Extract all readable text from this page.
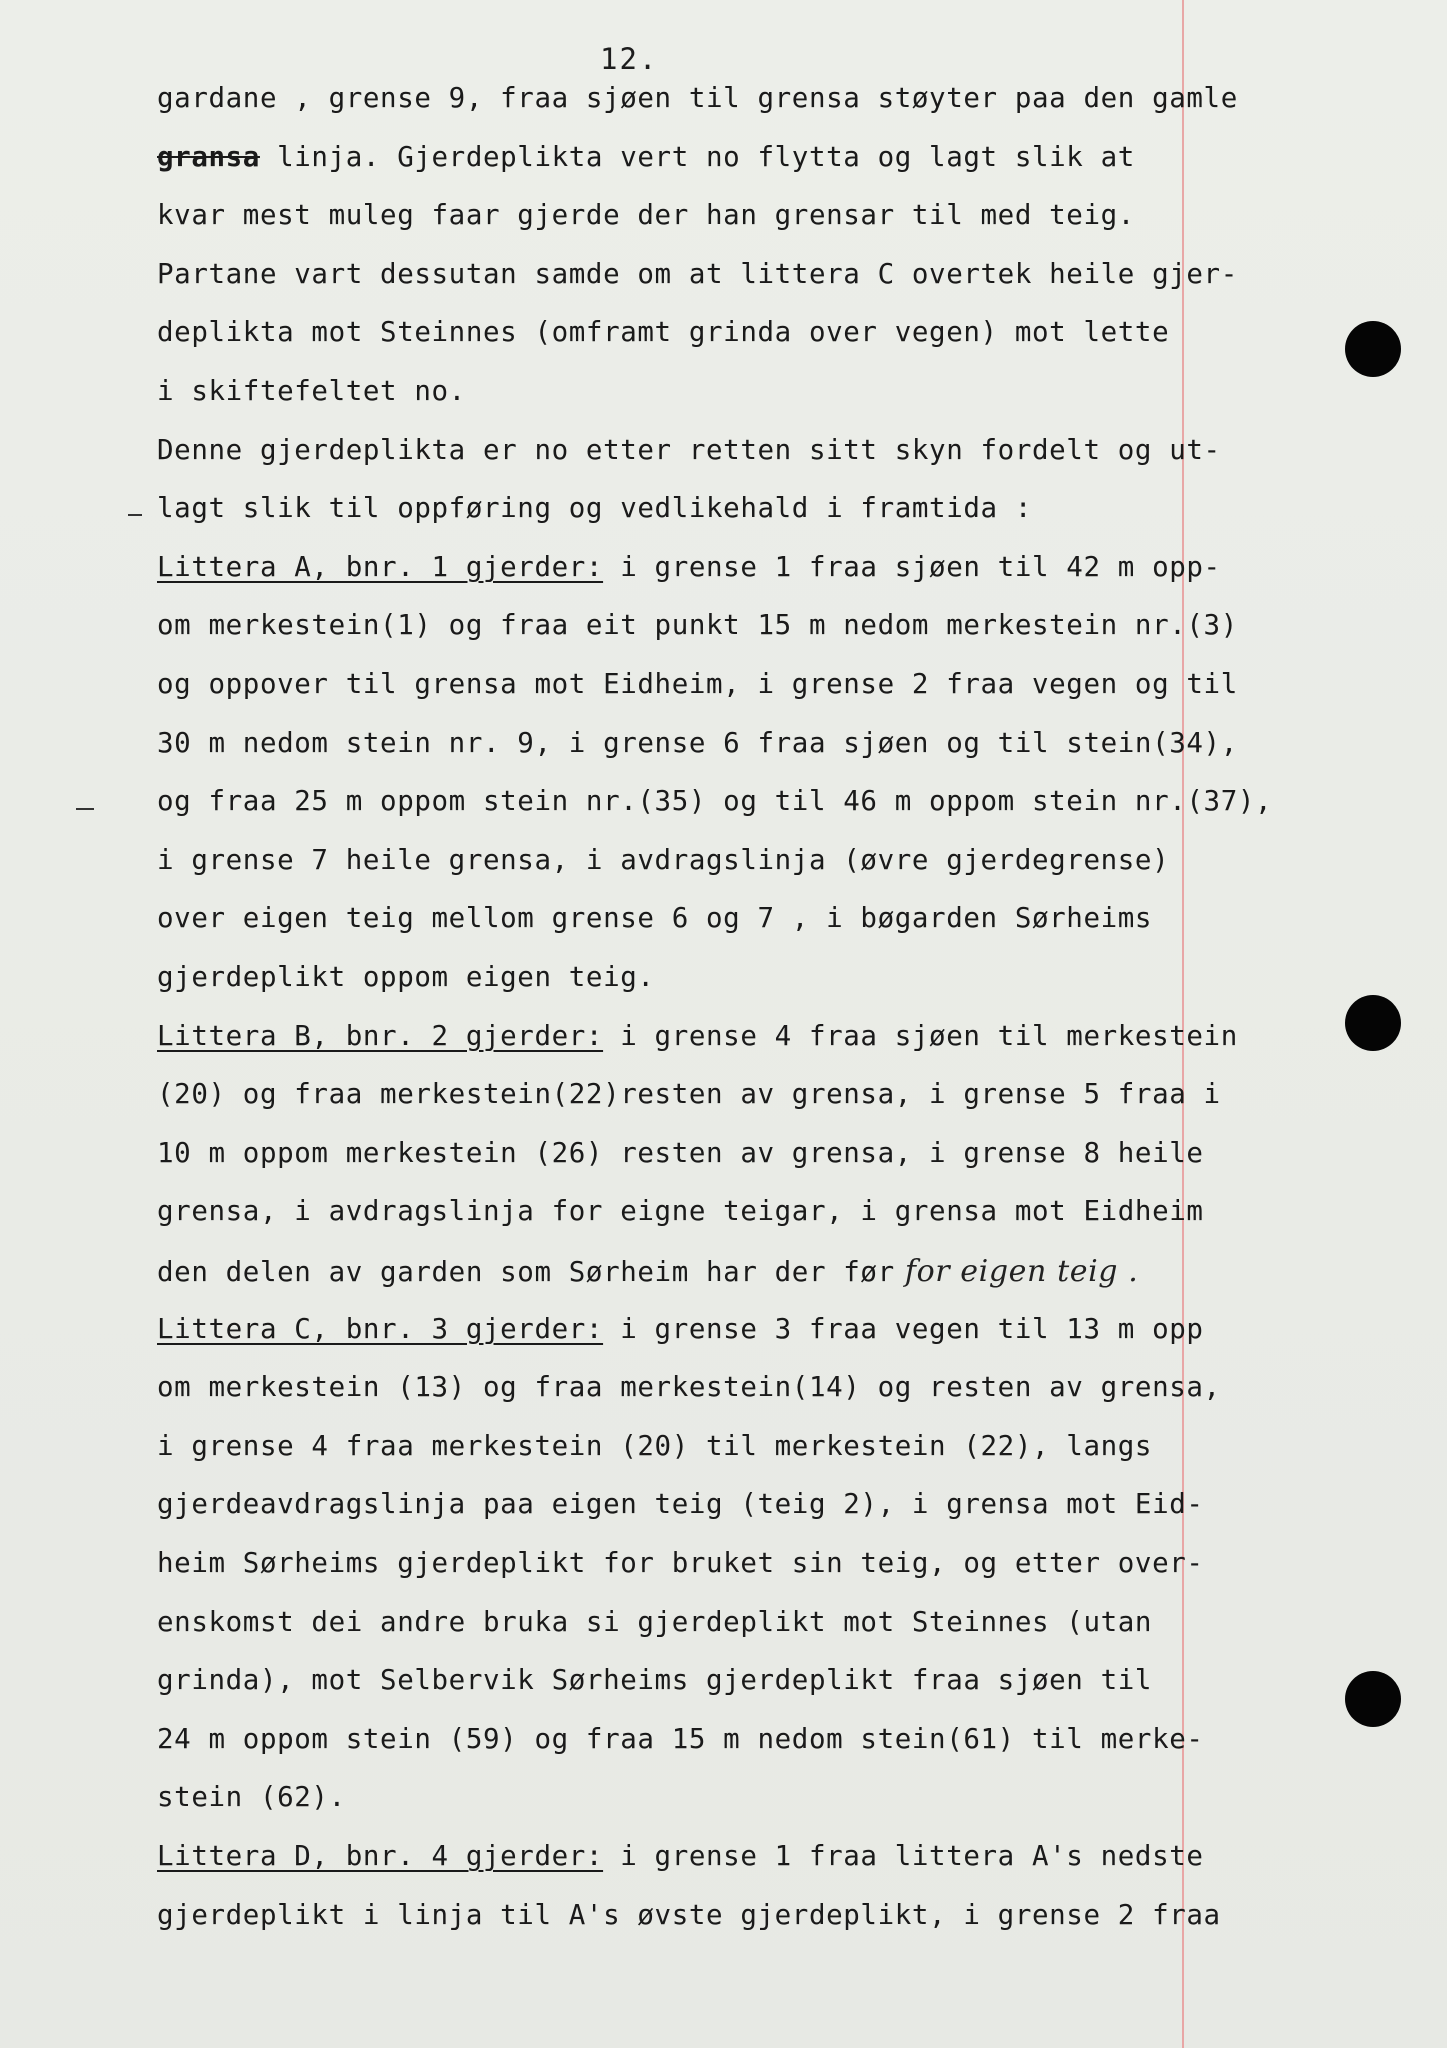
12.
gardane , grense 9, fraa sjøen til grensa støyter paa den gamle
gransa linja. Gjerdeplikta vert no flytta og lagt slik at
kvar mest muleg faar gjerde der han grensar til med teig.
Partane vart dessutan samde om at littera C overtek heile gjer-
deplikta mot Steinnes (omframt grinda over vegen) mot lette
i skiftefeltet no.
Denne gjerdeplikta er no etter retten sitt skyn fordelt og ut-
lagt slik til oppføring og vedlikehald i framtida :
Littera A, bnr. 1 gjerder: i grense 1 fraa sjøen til 42 m opp-
om merkestein(1) og fraa eit punkt 15 m nedom merkestein nr.(3)
og oppover til grensa mot Eidheim, i grense 2 fraa vegen og til
30 m nedom stein nr. 9, i grense 6 fraa sjøen og til stein(34),
og fraa 25 m oppom stein nr.(35) og til 46 m oppom stein nr.(37),
i grense 7 heile grensa, i avdragslinja (øvre gjerdegrense)
over eigen teig mellom grense 6 og 7 , i bøgarden Sørheims
gjerdeplikt oppom eigen teig.
Littera B, bnr. 2 gjerder: i grense 4 fraa sjøen til merkestein
(20) og fraa merkestein(22)resten av grensa, i grense 5 fraa i
10 m oppom merkestein (26) resten av grensa, i grense 8 heile
grensa, i avdragslinja for eigne teigar, i grensa mot Eidheim
den delen av garden som Sørheim har der før for eigen teig .
Littera C, bnr. 3 gjerder: i grense 3 fraa vegen til 13 m opp
om merkestein (13) og fraa merkestein(14) og resten av grensa,
i grense 4 fraa merkestein (20) til merkestein (22), langs
gjerdeavdragslinja paa eigen teig (teig 2), i grensa mot Eid-
heim Sørheims gjerdeplikt for bruket sin teig, og etter over-
enskomst dei andre bruka si gjerdeplikt mot Steinnes (utan
grinda), mot Selbervik Sørheims gjerdeplikt fraa sjøen til
24 m oppom stein (59) og fraa 15 m nedom stein(61) til merke-
stein (62).
Littera D, bnr. 4 gjerder: i grense 1 fraa littera A's nedste
gjerdeplikt i linja til A's øvste gjerdeplikt, i grense 2 fraa
